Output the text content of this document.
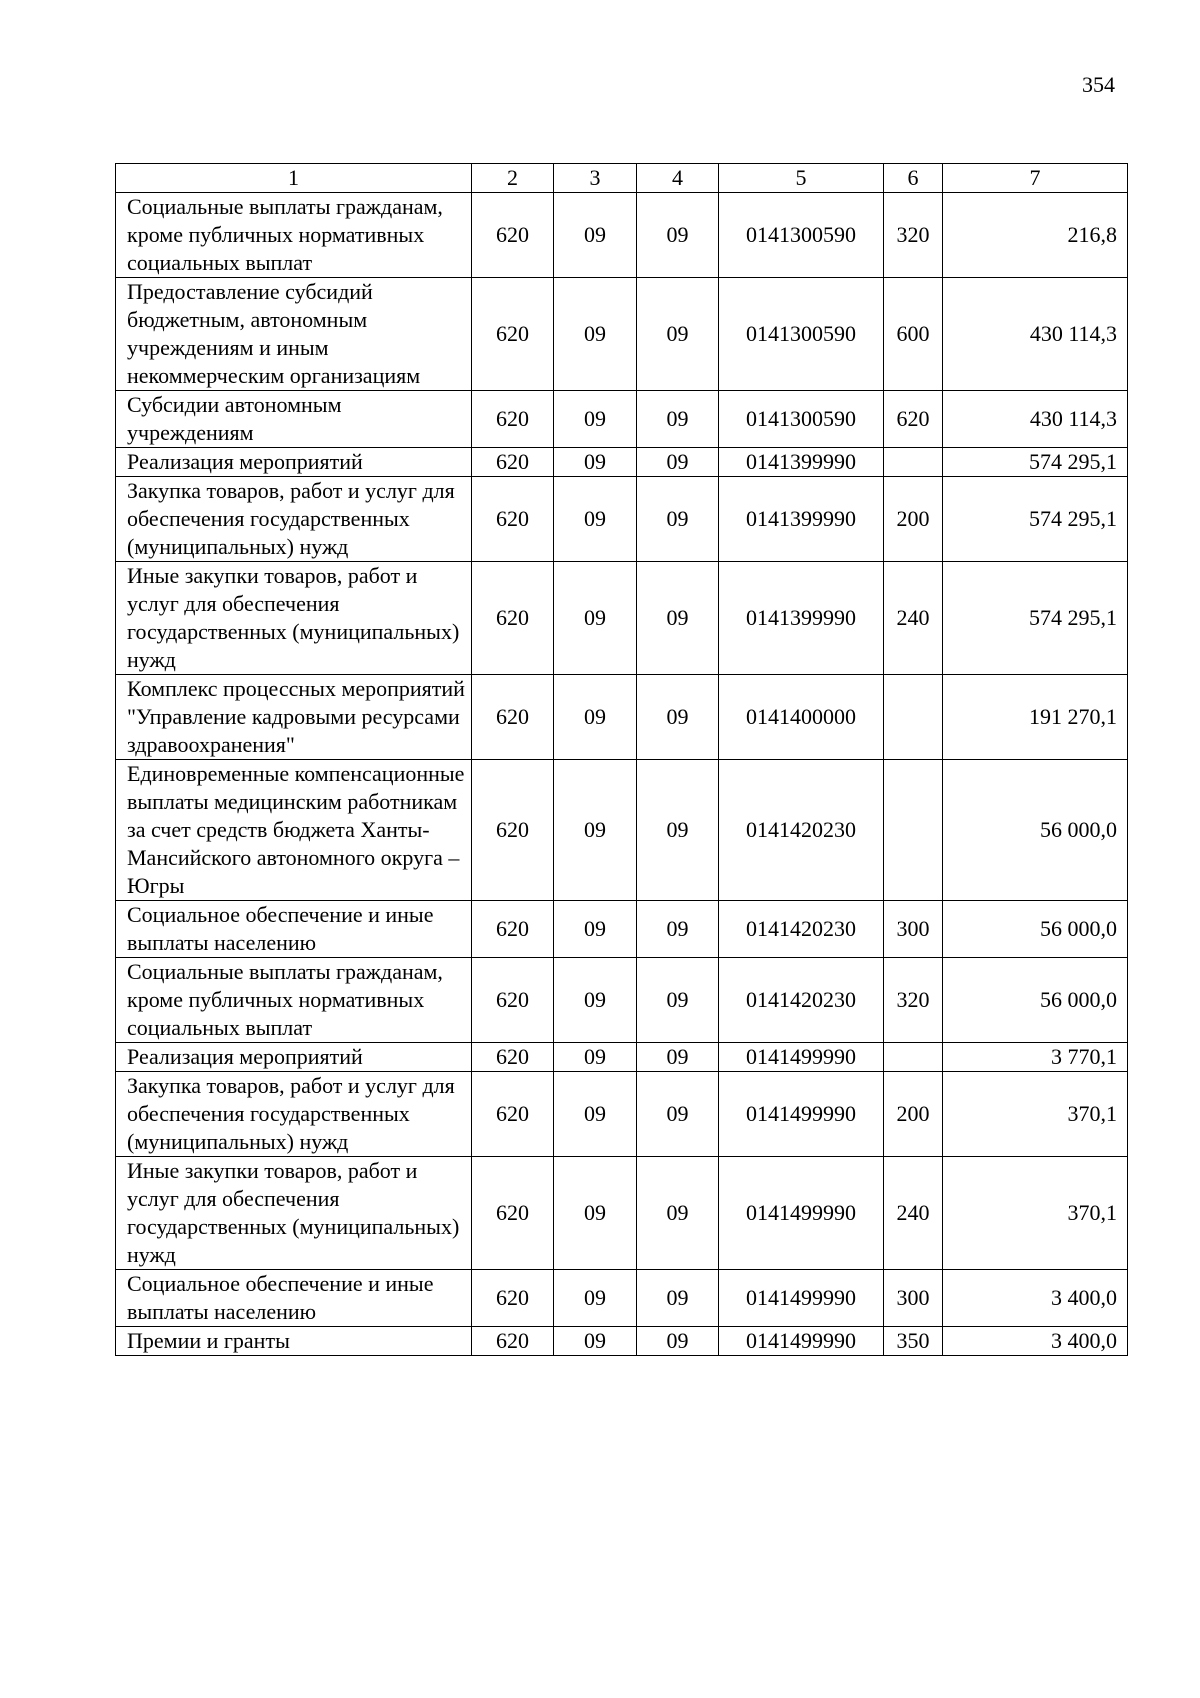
354
1	2	3	4	5	6	7
Социальные выплаты гражданам, кроме публичных нормативных социальных выплат	620	09	09	0141300590	320	216,8
Предоставление субсидий бюджетным, автономным учреждениям и иным некоммерческим организациям	620	09	09	0141300590	600	430 114,3
Субсидии автономным учреждениям	620	09	09	0141300590	620	430 114,3
Реализация мероприятий	620	09	09	0141399990		574 295,1
Закупка товаров, работ и услуг для обеспечения государственных (муниципальных) нужд	620	09	09	0141399990	200	574 295,1
Иные закупки товаров, работ и услуг для обеспечения государственных (муниципальных) нужд	620	09	09	0141399990	240	574 295,1
Комплекс процессных мероприятий "Управление кадровыми ресурсами здравоохранения"	620	09	09	0141400000		191 270,1
Единовременные компенсационные выплаты медицинским работникам за счет средств бюджета Ханты-Мансийского автономного округа – Югры	620	09	09	0141420230		56 000,0
Социальное обеспечение и иные выплаты населению	620	09	09	0141420230	300	56 000,0
Социальные выплаты гражданам, кроме публичных нормативных социальных выплат	620	09	09	0141420230	320	56 000,0
Реализация мероприятий	620	09	09	0141499990		3 770,1
Закупка товаров, работ и услуг для обеспечения государственных (муниципальных) нужд	620	09	09	0141499990	200	370,1
Иные закупки товаров, работ и услуг для обеспечения государственных (муниципальных) нужд	620	09	09	0141499990	240	370,1
Социальное обеспечение и иные выплаты населению	620	09	09	0141499990	300	3 400,0
Премии и гранты	620	09	09	0141499990	350	3 400,0
